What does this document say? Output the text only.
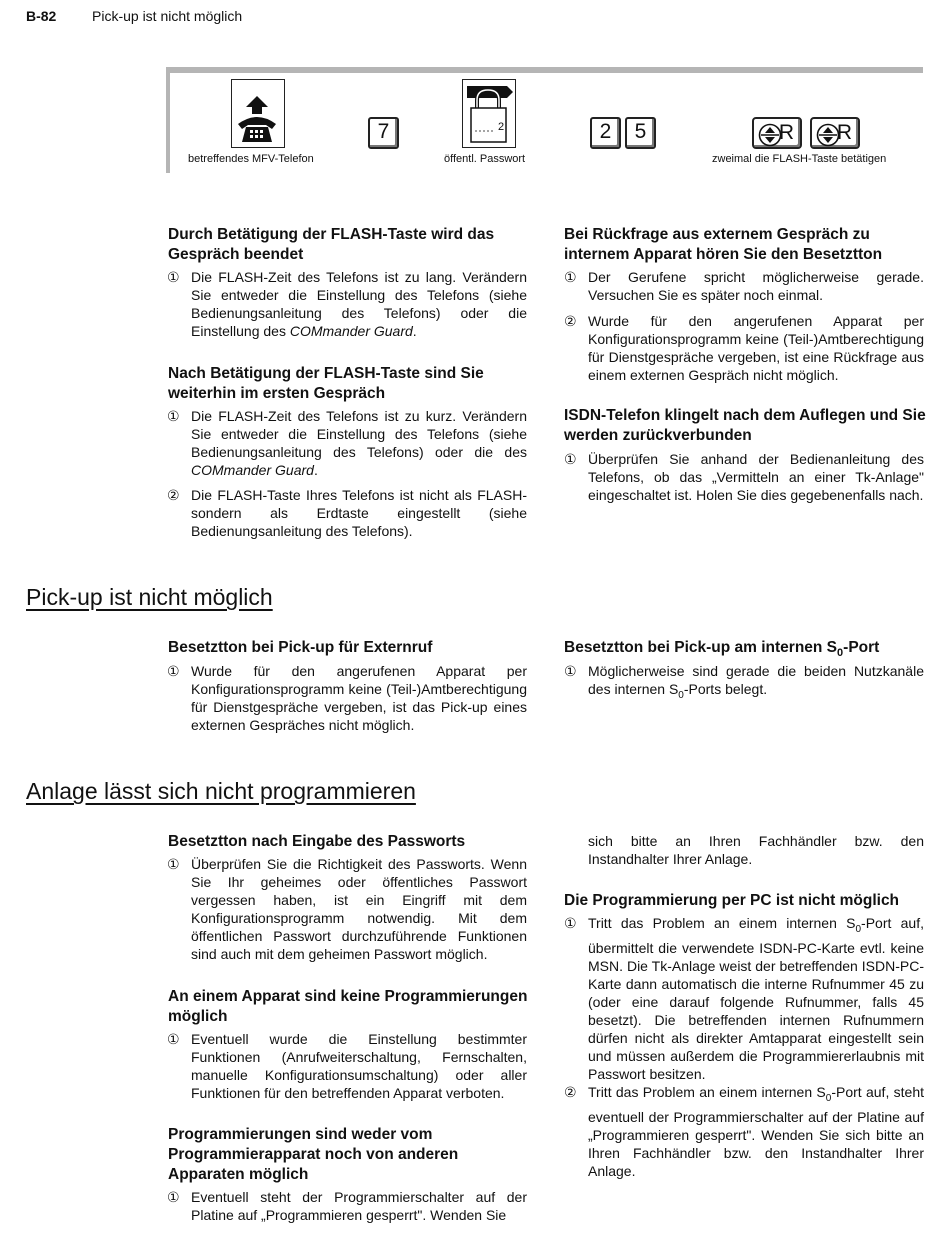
B-82	Pick-up ist nicht möglich
betreffendes MFV-Telefon
7	2
öffentl. Passwort
2	5	R R
zweimal die FLASH-Taste betätigen
Durch Betätigung der FLASH-Taste wird das Gespräch beendet
① Die FLASH-Zeit des Telefons ist zu lang. Verändern Sie entweder die Einstellung des Telefons (siehe Bedienungsanleitung des Telefons) oder die Einstellung des COMmander Guard.
Nach Betätigung der FLASH-Taste sind Sie weiterhin im ersten Gespräch
① Die FLASH-Zeit des Telefons ist zu kurz. Verändern Sie entweder die Einstellung des Telefons (siehe Bedienungsanleitung des Telefons) oder die des COMmander Guard.
② Die FLASH-Taste Ihres Telefons ist nicht als FLASH- sondern als Erdtaste eingestellt (siehe Bedienungsanleitung des Telefons).
Bei Rückfrage aus externem Gespräch zu internem Apparat hören Sie den Besetztton
① Der Gerufene spricht möglicherweise gerade. Versuchen Sie es später noch einmal.
② Wurde für den angerufenen Apparat per Konfigurationsprogramm keine (Teil-)Amtberechtigung für Dienstgespräche vergeben, ist eine Rückfrage aus einem externen Gespräch nicht möglich.
ISDN-Telefon klingelt nach dem Auflegen und Sie werden zurückverbunden
① Überprüfen Sie anhand der Bedienanleitung des Telefons, ob das „Vermitteln an einer Tk-Anlage" eingeschaltet ist. Holen Sie dies gegebenenfalls nach.
Pick-up ist nicht möglich
Besetztton bei Pick-up für Externruf
① Wurde für den angerufenen Apparat per Konfigurationsprogramm keine (Teil-)Amtberechtigung für Dienstgespräche vergeben, ist das Pick-up eines externen Gespräches nicht möglich.
Besetztton bei Pick-up am internen $S_0$-Port
① Möglicherweise sind gerade die beiden Nutzkanäle des internen $S_0$-Ports belegt.
Anlage lässt sich nicht programmieren
Besetztton nach Eingabe des Passworts
① Überprüfen Sie die Richtigkeit des Passworts. Wenn Sie Ihr geheimes oder öffentliches Passwort vergessen haben, ist ein Eingriff mit dem Konfigurationsprogramm notwendig. Mit dem öffentlichen Passwort durchzuführende Funktionen sind auch mit dem geheimen Passwort möglich.
An einem Apparat sind keine Programmierungen möglich
① Eventuell wurde die Einstellung bestimmter Funktionen (Anrufweiterschaltung, Fernschalten, manuelle Konfigurationsumschaltung) oder aller Funktionen für den betreffenden Apparat verboten.
Programmierungen sind weder vom Programmierapparat noch von anderen Apparaten möglich
① Eventuell steht der Programmierschalter auf der Platine auf „Programmieren gesperrt". Wenden Sie
sich bitte an Ihren Fachhändler bzw. den Instandhalter Ihrer Anlage.
Die Programmierung per PC ist nicht möglich
① Tritt das Problem an einem internen $S_0$-Port auf, übermittelt die verwendete ISDN-PC-Karte evtl. keine MSN. Die Tk-Anlage weist der betreffenden ISDN-PC-Karte dann automatisch die interne Rufnummer 45 zu (oder eine darauf folgende Rufnummer, falls 45 besetzt). Die betreffenden internen Rufnummern dürfen nicht als direkter Amtapparat eingestellt sein und müssen außerdem die Programmiererlaubnis mit Passwort besitzen.
② Tritt das Problem an einem internen $S_0$-Port auf, steht eventuell der Programmierschalter auf der Platine auf „Programmieren gesperrt". Wenden Sie sich bitte an Ihren Fachhändler bzw. den Instandhalter Ihrer Anlage.
